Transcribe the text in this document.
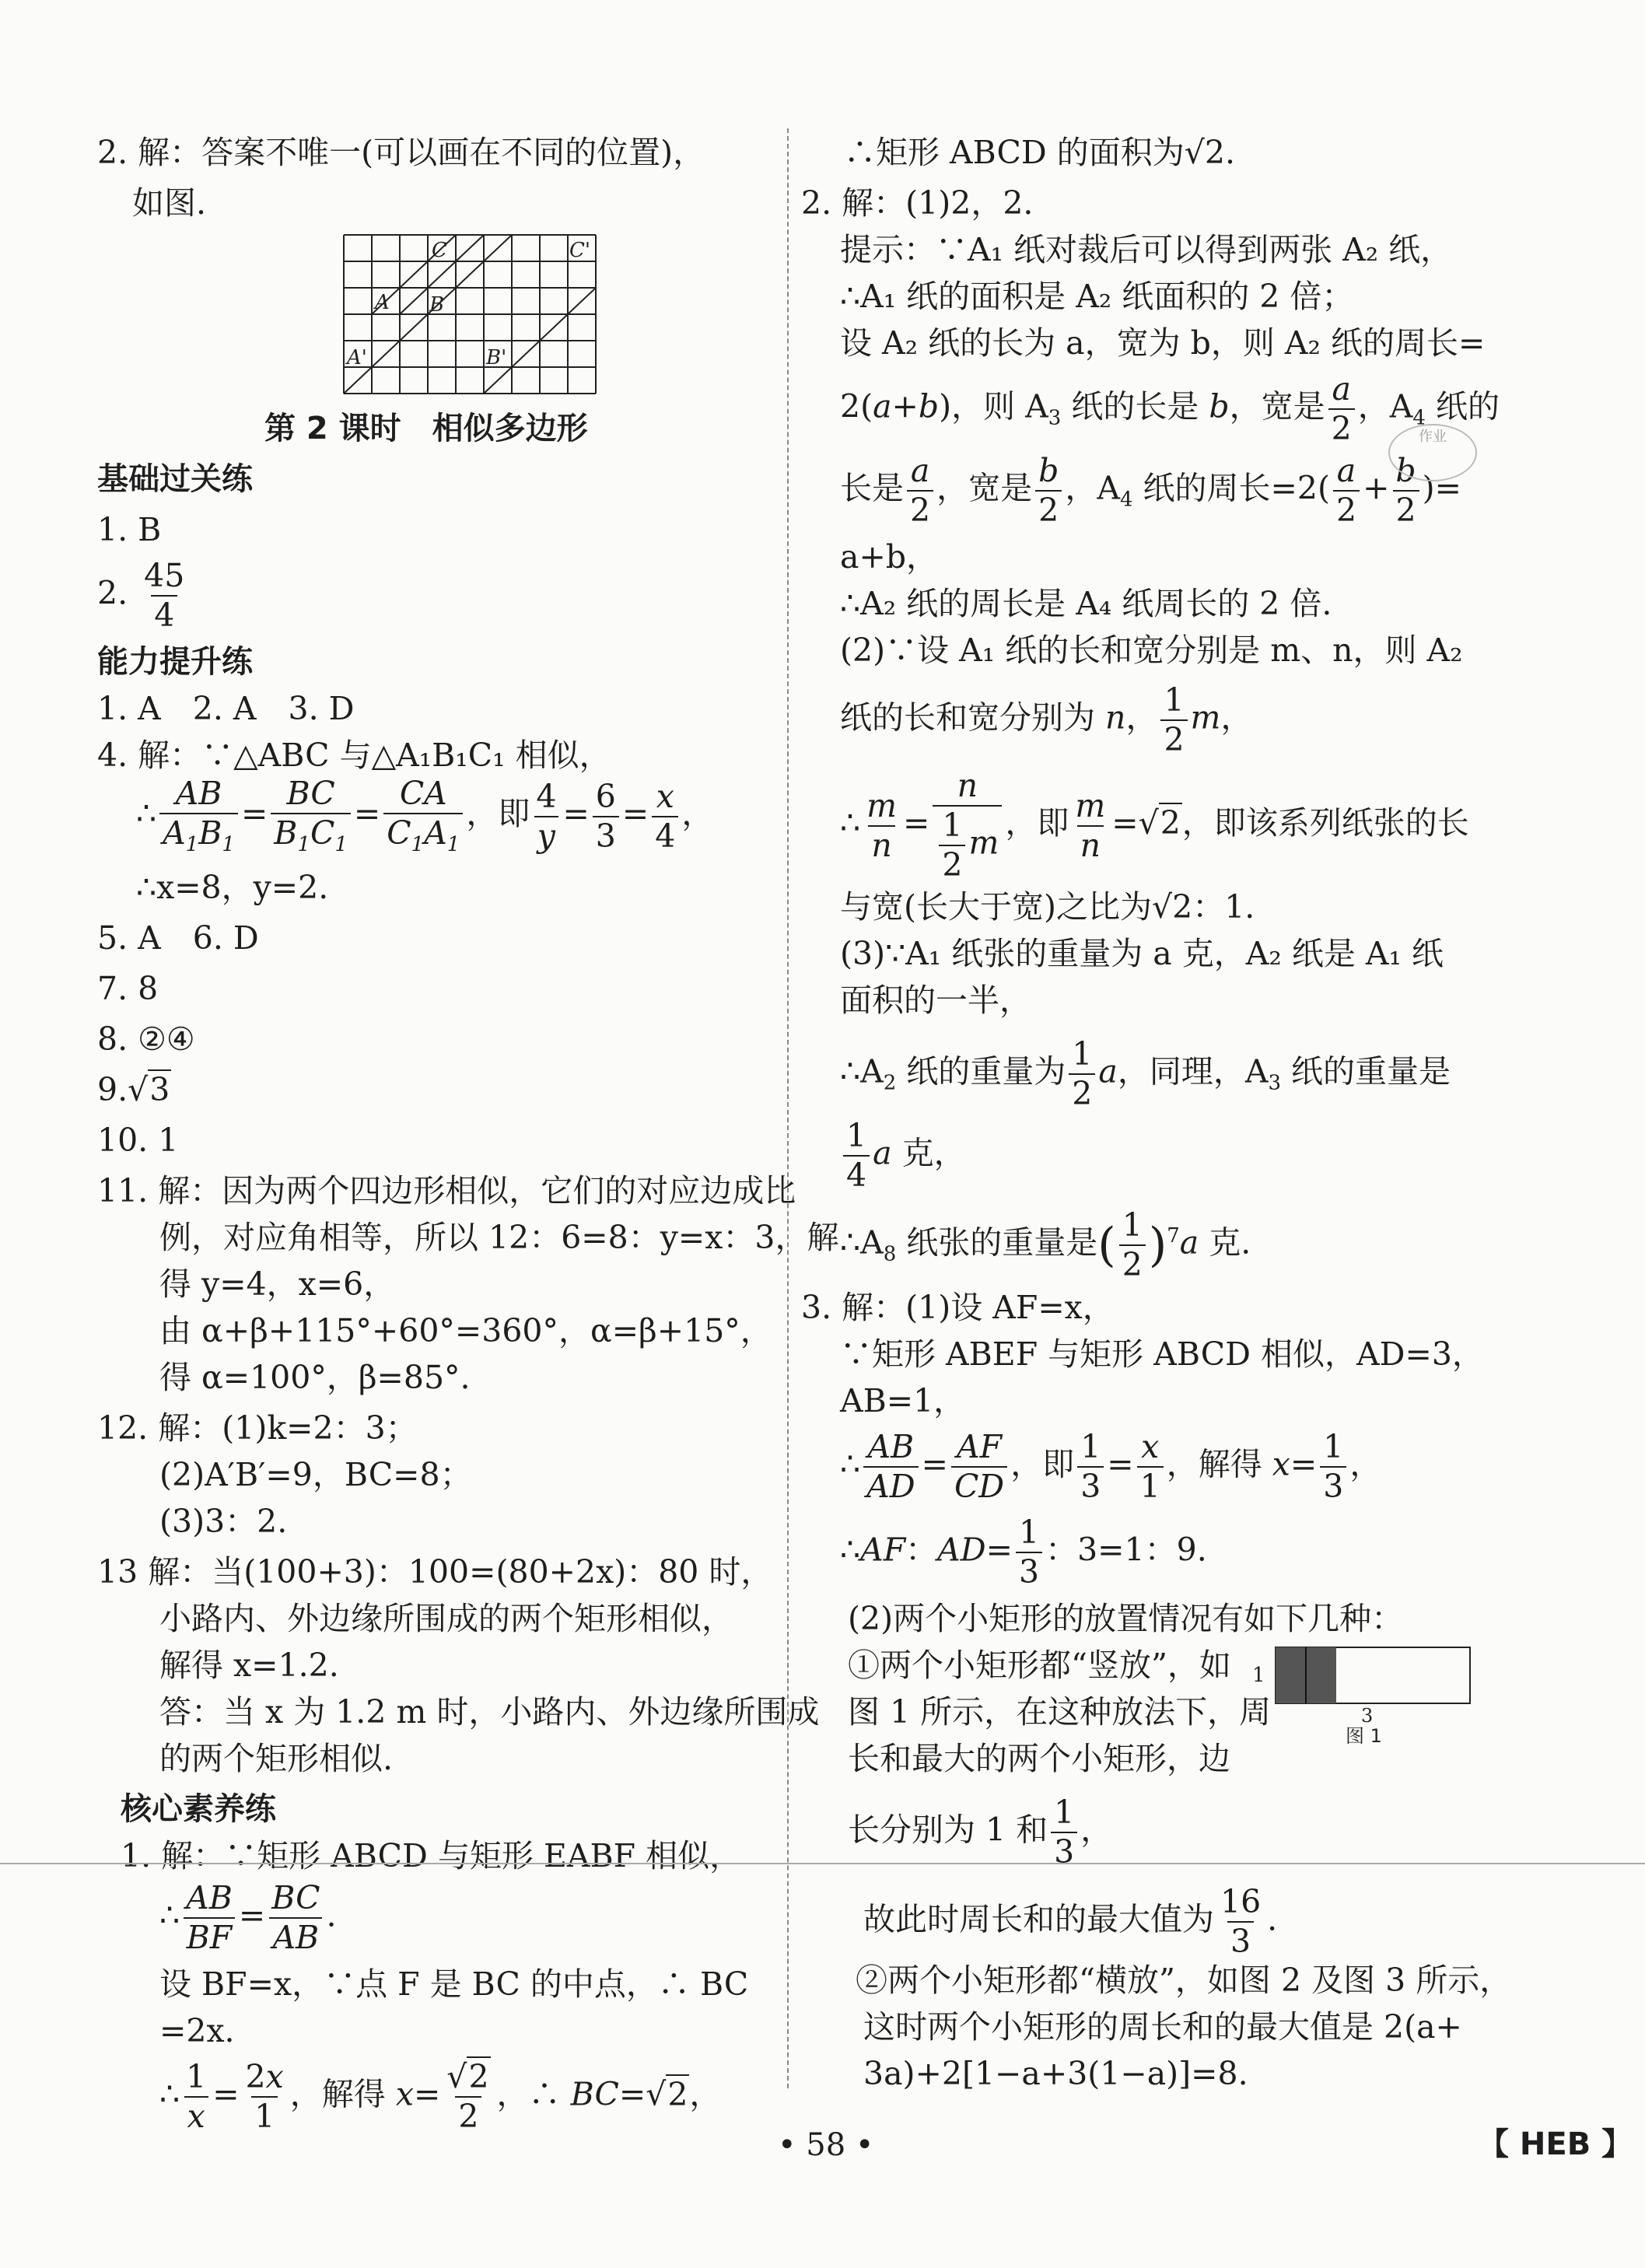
2. 解：答案不唯一(可以画在不同的位置)，
如图.
C	C'
A B
A'	B'
第 2 课时　相似多边形
基础过关练
1. B
2. $\frac{45}{4}$
能力提升练
1. A　2. A　3. D
4. 解：∵△ABC 与△A₁B₁C₁ 相似，
∴ $\frac{AB}{A_1B_1} = \frac{BC}{B_1C_1} = \frac{CA}{C_1A_1}$ ，即 $\frac{4}{y} = \frac{6}{3} = \frac{x}{4}$ ，
∴x=8，y=2.
5. A　6. D
7. 8
8. ②④
9.√3
10. 1
11. 解：因为两个四边形相似，它们的对应边成比
例，对应角相等，所以 12：6=8：y=x：3，解
得 y=4，x=6，
由 α+β+115°+60°=360°，α=β+15°，
得 α=100°，β=85°.
12. 解：(1)k=2：3；
(2)A′B′=9，BC=8；
(3)3：2.
13 解：当(100+3)：100=(80+2x)：80 时，
小路内、外边缘所围成的两个矩形相似，
解得 x=1.2.
答：当 x 为 1.2 m 时，小路内、外边缘所围成
的两个矩形相似.
核心素养练
1. 解：∵矩形 ABCD 与矩形 EABF 相似，
∴ $\frac{AB}{BF} = \frac{BC}{AB}$ .
设 BF=x，∵点 F 是 BC 的中点，∴ BC
=2x.
∴ $\frac{1}{x} = \frac{2x}{1}$ ，解得 $x= \frac{√2}{2}$ ，∴ BC=√2，
∴矩形 ABCD 的面积为√2.
2. 解：(1)2，2.
提示：∵A₁ 纸对裁后可以得到两张 A₂ 纸，
∴A₁ 纸的面积是 A₂ 纸面积的 2 倍；
设 A₂ 纸的长为 a，宽为 b，则 A₂ 纸的周长=
2(a+b)，则 $A_3$ 纸的长是 b，宽是 $\frac{a}{2}$ ，$A_4$ 纸的
长是 $\frac{a}{2}$ ，宽是 $\frac{b}{2}$ ，$A_4$ 纸的周长$=2( \frac{a}{2} + \frac{b}{2}$ )=
a+b，
∴A₂ 纸的周长是 A₄ 纸周长的 2 倍.
(2)∵设 A₁ 纸的长和宽分别是 m、n，则 A₂
纸的长和宽分别为 n， $\frac{1}{2}$ m，
∴ $\frac{m}{n} = \frac{n}{\frac{1}{2} m}$ ，即 $\frac{m}{n} =√2$，即该系列纸张的长
与宽(长大于宽)之比为√2：1.
(3)∵A₁ 纸张的重量为 a 克，A₂ 纸是 A₁ 纸
面积的一半，
$\therefore A_2$ 纸的重量为 $\frac{1}{2}$ a，同理，$A_3$ 纸的重量是
$\frac{1}{4}$ a 克，
$\therefore A_8$ 纸张的重量是( $\frac{1}{2} )^7a$ 克.
3. 解：(1)设 AF=x，
∵矩形 ABEF 与矩形 ABCD 相似，AD=3，
AB=1，
∴ $\frac{AB}{AD} = \frac{AF}{CD}$ ，即 $\frac{1}{3} = \frac{x}{1}$ ，解得 $x= \frac{1}{3}$ ，
∴AF：$AD= \frac{1}{3}$ ：3=1：9.
(2)两个小矩形的放置情况有如下几种：
①两个小矩形都“竖放”，如
图 1 所示，在这种放法下，周
长和最大的两个小矩形，边
长分别为 1 和 $\frac{1}{3}$ ，
1
3
图 1
故此时周长和的最大值为 $\frac{16}{3}$ .
②两个小矩形都“横放”，如图 2 及图 3 所示，
这时两个小矩形的周长和的最大值是 2(a+
3a)+2[1−a+3(1−a)]=8.
作业
• 58 •	【 HEB 】
